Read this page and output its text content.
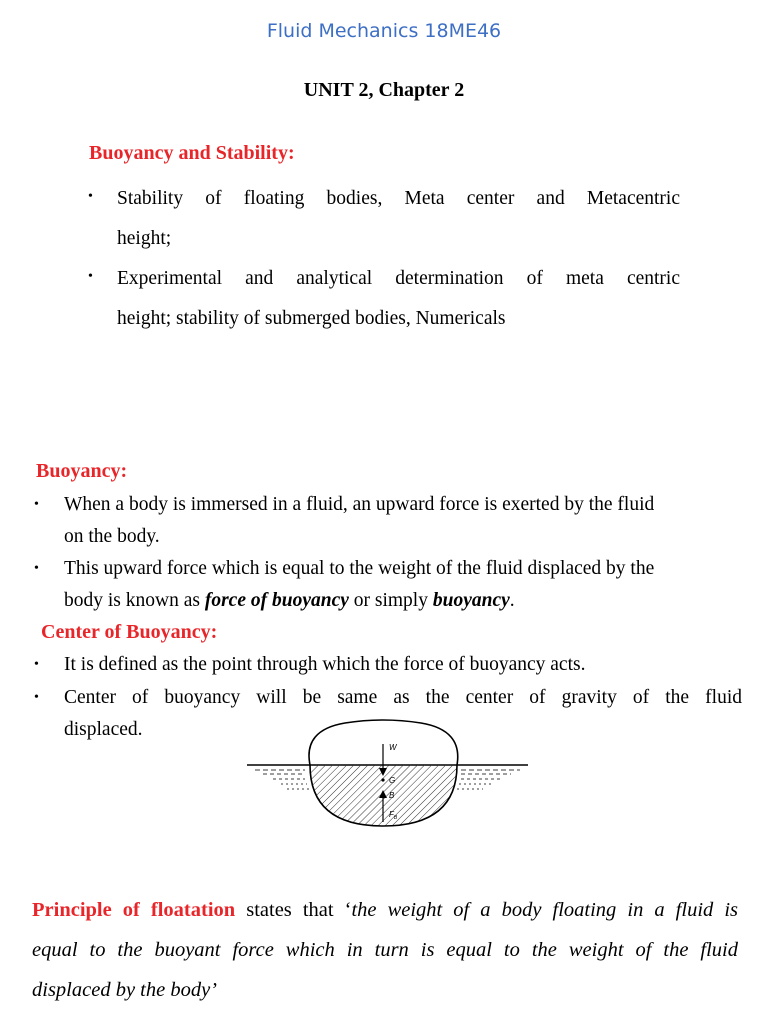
Fluid Mechanics 18ME46
UNIT 2, Chapter 2
Buoyancy and Stability:
• Stability of floating bodies, Meta center and Metacentric
height;
• Experimental and analytical determination of meta centric
height; stability of submerged bodies, Numericals
Buoyancy:
• When a body is immersed in a fluid, an upward force is exerted by the fluid
on the body.
• This upward force which is equal to the weight of the fluid displaced by the
body is known as force of buoyancy or simply buoyancy.
Center of Buoyancy:
• It is defined as the point through which the force of buoyancy acts.
• Center of buoyancy will be same as the center of gravity of the fluid
displaced.
W
G
B
$F_B$
Principle of floatation states that ‘the weight of a body floating in a fluid is
equal to the buoyant force which in turn is equal to the weight of the fluid
displaced by the body’
